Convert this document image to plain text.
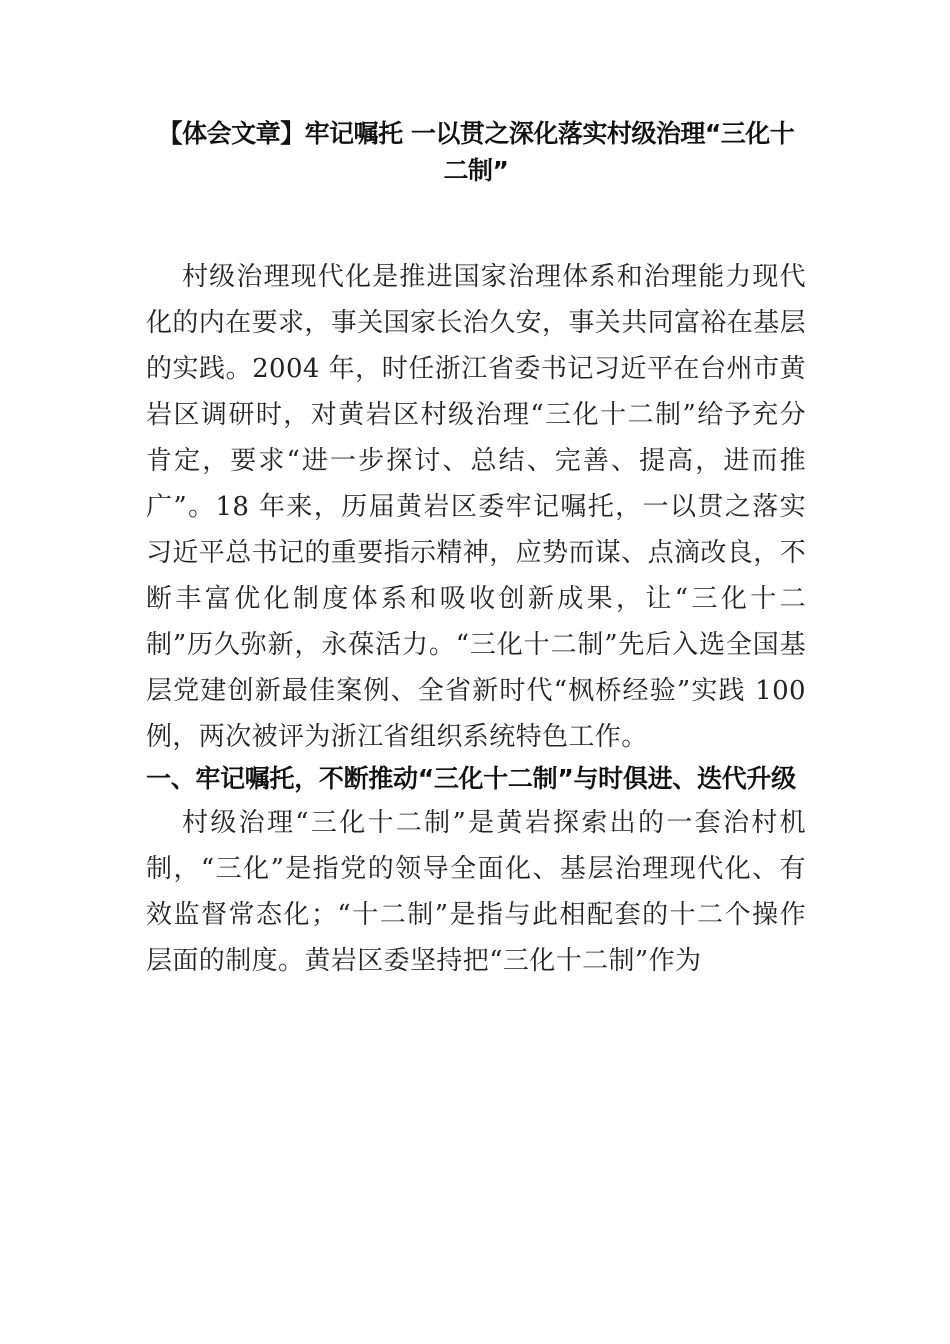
【体会文章】牢记嘱托 一以贯之深化落实村级治理“三化十二制”

村级治理现代化是推进国家治理体系和治理能力现代化的内在要求，事关国家长治久安，事关共同富裕在基层的实践。2004 年，时任浙江省委书记习近平在台州市黄岩区调研时，对黄岩区村级治理“三化十二制”给予充分肯定，要求“进一步探讨、总结、完善、提高，进而推广”。18 年来，历届黄岩区委牢记嘱托，一以贯之落实习近平总书记的重要指示精神，应势而谋、点滴改良，不断丰富优化制度体系和吸收创新成果，让“三化十二制”历久弥新，永葆活力。“三化十二制”先后入选全国基层党建创新最佳案例、全省新时代“枫桥经验”实践 100 例，两次被评为浙江省组织系统特色工作。

一、牢记嘱托，不断推动“三化十二制”与时俱进、迭代升级

村级治理“三化十二制”是黄岩探索出的一套治村机制，“三化”是指党的领导全面化、基层治理现代化、有效监督常态化；“十二制”是指与此相配套的十二个操作层面的制度。黄岩区委坚持把“三化十二制”作为
